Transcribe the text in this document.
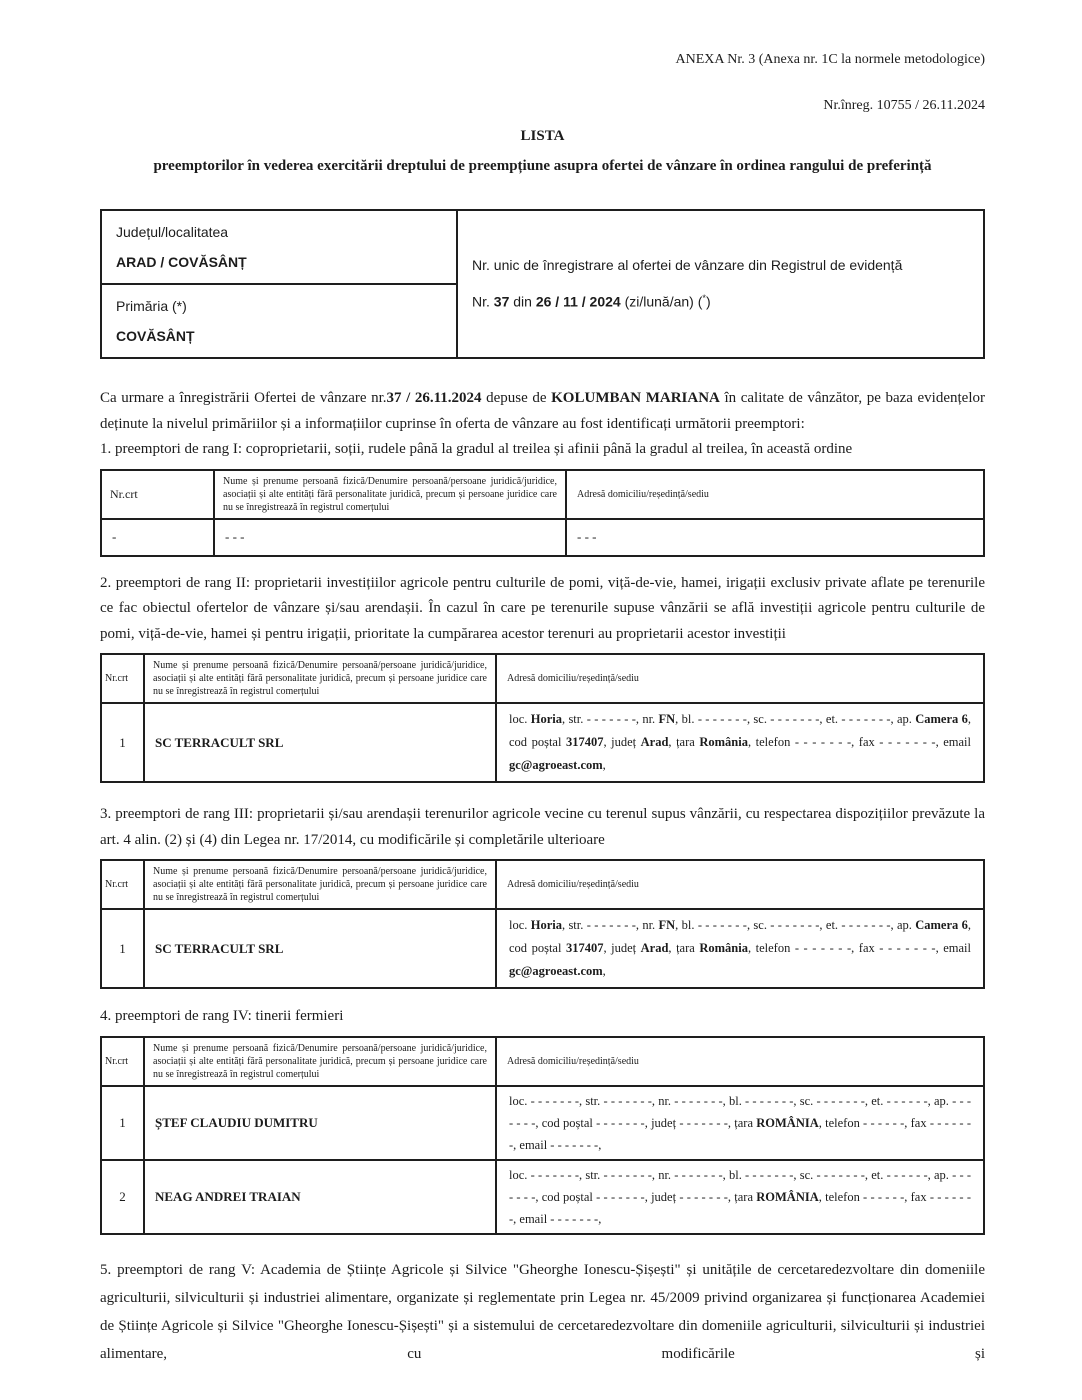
ANEXA Nr. 3 (Anexa nr. 1C la normele metodologice)

Nr.înreg. 10755 / 26.11.2024

LISTA

preemptorilor în vederea exercitării dreptului de preempțiune asupra ofertei de vânzare în ordinea rangului de preferință

Județul/localitatea
ARAD / COVĂSÂNȚ	Nr. unic de înregistrare al ofertei de vânzare din Registrul de evidență
Nr. 37 din 26 / 11 / 2024 (zi/lună/an) (*)

Primăria (*)
COVĂSÂNȚ

Ca urmare a înregistrării Ofertei de vânzare nr.37 / 26.11.2024 depuse de KOLUMBAN MARIANA în calitate de vânzător, pe baza evidențelor deținute la nivelul primăriilor și a informațiilor cuprinse în oferta de vânzare au fost identificați următorii preemptori:

1. preemptori de rang I: coproprietarii, soții, rudele până la gradul al treilea și afinii până la gradul al treilea, în această ordine

Nr.crt	Nume și prenume persoană fizică/Denumire persoană/persoane juridică/juridice, asociații și alte entități fără personalitate juridică, precum și persoane juridice care nu se înregistrează în registrul comerțului	Adresă domiciliu/reședință/sediu
-	- - -	- - -

2. preemptori de rang II: proprietarii investițiilor agricole pentru culturile de pomi, viță-de-vie, hamei, irigații exclusiv private aflate pe terenurile ce fac obiectul ofertelor de vânzare și/sau arendașii. În cazul în care pe terenurile supuse vânzării se află investiții agricole pentru culturile de pomi, viță-de-vie, hamei și pentru irigații, prioritate la cumpărarea acestor terenuri au proprietarii acestor investiții

Nr.crt	Nume și prenume persoană fizică/Denumire persoană/persoane juridică/juridice, asociații și alte entități fără personalitate juridică, precum și persoane juridice care nu se înregistrează în registrul comerțului	Adresă domiciliu/reședință/sediu
1	SC TERRACULT SRL	loc. Horia, str. - - - - - - -, nr. FN, bl. - - - - - - -, sc. - - - - - - -, et. - - - - - - -, ap. Camera 6, cod poștal 317407, județ Arad, țara România, telefon - - - - - - -, fax - - - - - - -, email gc@agroeast.com,

3. preemptori de rang III: proprietarii și/sau arendașii terenurilor agricole vecine cu terenul supus vânzării, cu respectarea dispozițiilor prevăzute la art. 4 alin. (2) și (4) din Legea nr. 17/2014, cu modificările și completările ulterioare

Nr.crt	Nume și prenume persoană fizică/Denumire persoană/persoane juridică/juridice, asociații și alte entități fără personalitate juridică, precum și persoane juridice care nu se înregistrează în registrul comerțului	Adresă domiciliu/reședință/sediu
1	SC TERRACULT SRL	loc. Horia, str. - - - - - - -, nr. FN, bl. - - - - - - -, sc. - - - - - - -, et. - - - - - - -, ap. Camera 6, cod poștal 317407, județ Arad, țara România, telefon - - - - - - -, fax - - - - - - -, email gc@agroeast.com,

4. preemptori de rang IV: tinerii fermieri

Nr.crt	Nume și prenume persoană fizică/Denumire persoană/persoane juridică/juridice, asociații și alte entități fără personalitate juridică, precum și persoane juridice care nu se înregistrează în registrul comerțului	Adresă domiciliu/reședință/sediu
1	ȘTEF CLAUDIU DUMITRU	loc. - - - - - - -, str. - - - - - - -, nr. - - - - - - -, bl. - - - - - - -, sc. - - - - - - -, et. - - - - - -, ap. - - - - - - -, cod poștal - - - - - - -, județ - - - - - - -, țara ROMÂNIA, telefon - - - - - -, fax - - - - - - -, email - - - - - - -,
2	NEAG ANDREI TRAIAN	loc. - - - - - - -, str. - - - - - - -, nr. - - - - - - -, bl. - - - - - - -, sc. - - - - - - -, et. - - - - - -, ap. - - - - - - -, cod poștal - - - - - - -, județ - - - - - - -, țara ROMÂNIA, telefon - - - - - -, fax - - - - - - -, email - - - - - - -,

5. preemptori de rang V: Academia de Științe Agricole și Silvice "Gheorghe Ionescu-Șișești" și unitățile de cercetaredezvoltare din domeniile agriculturii, silviculturii și industriei alimentare, organizate și reglementate prin Legea nr. 45/2009 privind organizarea și funcționarea Academiei de Științe Agricole și Silvice "Gheorghe Ionescu-Șișești" și a sistemului de cercetaredezvoltare din domeniile agriculturii, silviculturii și industriei alimentare, cu modificările și
